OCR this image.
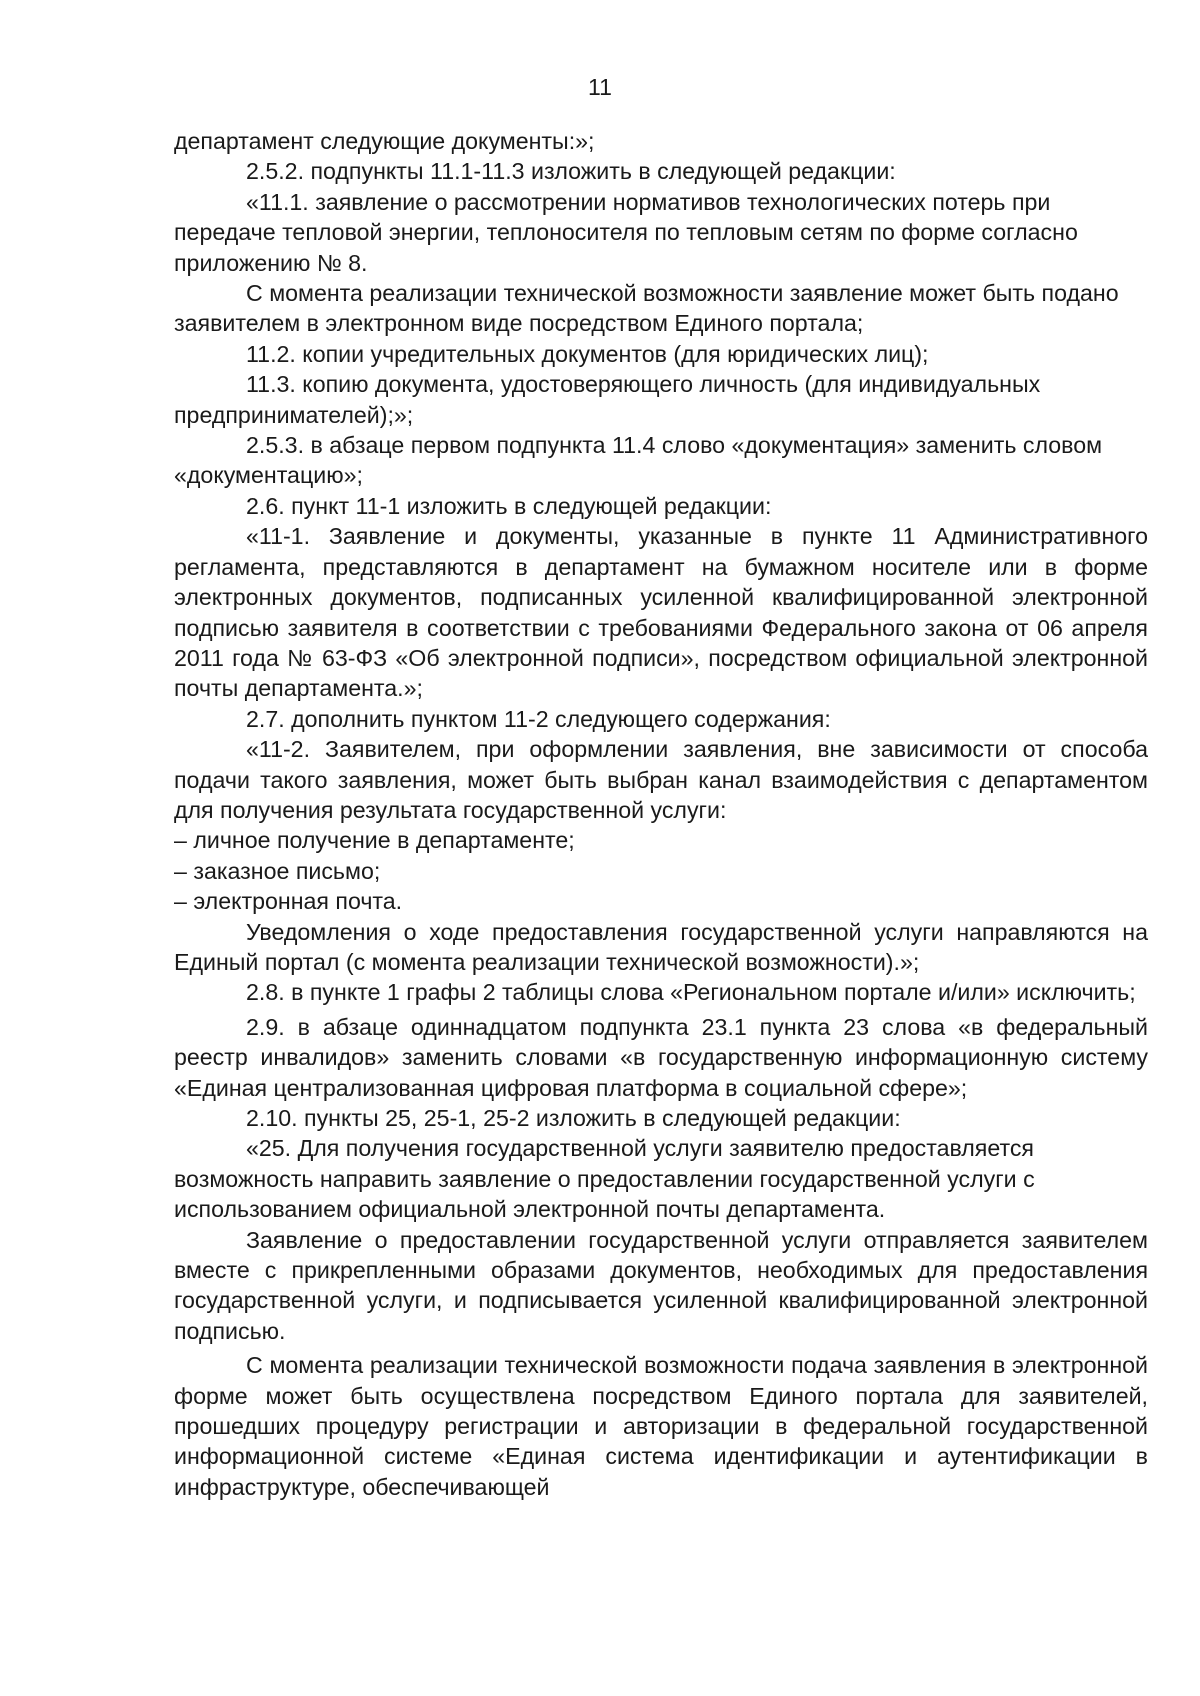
11

департамент следующие документы:»;

2.5.2. подпункты 11.1-11.3 изложить в следующей редакции:

«11.1. заявление о рассмотрении нормативов технологических потерь при передаче тепловой энергии, теплоносителя по тепловым сетям по форме согласно приложению № 8.

С момента реализации технической возможности заявление может быть подано заявителем в электронном виде посредством Единого портала;

11.2. копии учредительных документов (для юридических лиц);

11.3. копию документа, удостоверяющего личность (для индивидуальных предпринимателей);»;

2.5.3. в абзаце первом подпункта 11.4 слово «документация» заменить словом «документацию»;

2.6. пункт 11-1 изложить в следующей редакции:

«11-1. Заявление и документы, указанные в пункте 11 Административного регламента, представляются в департамент на бумажном носителе или в форме электронных документов, подписанных усиленной квалифицированной электронной подписью заявителя в соответствии с требованиями Федерального закона от 06 апреля 2011 года № 63-ФЗ «Об электронной подписи», посредством официальной электронной почты департамента.»;

2.7. дополнить пунктом 11-2 следующего содержания:

«11-2. Заявителем, при оформлении заявления, вне зависимости от способа подачи такого заявления, может быть выбран канал взаимодействия с департаментом для получения результата государственной услуги:

– личное получение в департаменте;

– заказное письмо;

– электронная почта.

Уведомления о ходе предоставления государственной услуги направляются на Единый портал (с момента реализации технической возможности).»;

2.8. в пункте 1 графы 2 таблицы слова «Региональном портале и/или» исключить;

2.9. в абзаце одиннадцатом подпункта 23.1 пункта 23 слова «в федеральный реестр инвалидов» заменить словами «в государственную информационную систему «Единая централизованная цифровая платформа в социальной сфере»;

2.10. пункты 25, 25-1, 25-2 изложить в следующей редакции:

«25. Для получения государственной услуги заявителю предоставляется возможность направить заявление о предоставлении государственной услуги с использованием официальной электронной почты департамента.

Заявление о предоставлении государственной услуги отправляется заявителем вместе с прикрепленными образами документов, необходимых для предоставления государственной услуги, и подписывается усиленной квалифицированной электронной подписью.

С момента реализации технической возможности подача заявления в электронной форме может быть осуществлена посредством Единого портала для заявителей, прошедших процедуру регистрации и авторизации в федеральной государственной информационной системе «Единая система идентификации и аутентификации в инфраструктуре, обеспечивающей
